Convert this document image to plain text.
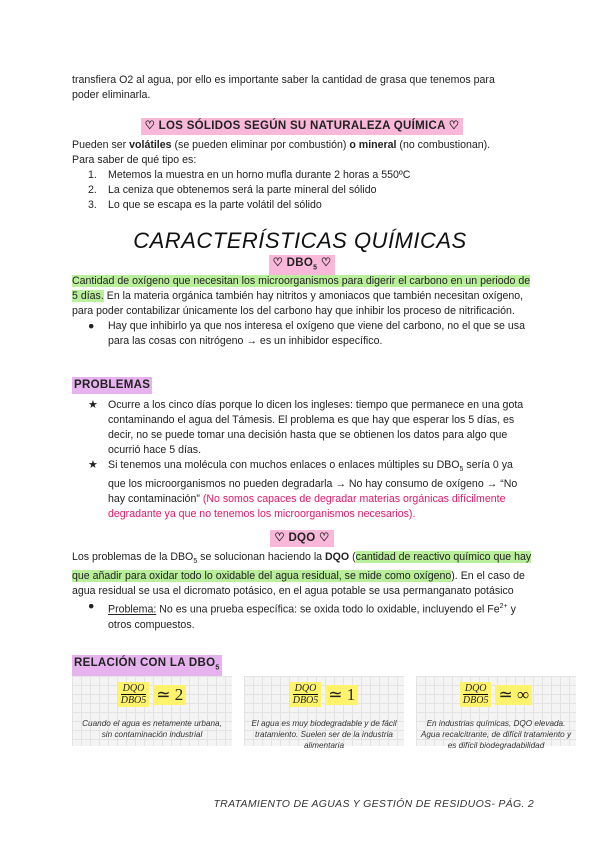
transfiera O2 al agua, por ello es importante saber la cantidad de grasa que tenemos para
poder eliminarla.
♡ LOS SÓLIDOS SEGÚN SU NATURALEZA QUÍMICA ♡
Pueden ser volátiles (se pueden eliminar por combustión) o mineral (no combustionan).
Para saber de qué tipo es:
1. Metemos la muestra en un horno mufla durante 2 horas a 550ºC
2. La ceniza que obtenemos será la parte mineral del sólido
3. Lo que se escapa es la parte volátil del sólido
CARACTERÍSTICAS QUÍMICAS
♡ $DBO_5$ ♡
Cantidad de oxígeno que necesitan los microorganismos para digerir el carbono en un periodo de 5 días. En la materia orgánica también hay nitritos y amoniacos que también necesitan oxígeno, para poder contabilizar únicamente los del carbono hay que inhibir los proceso de nitrificación.
● Hay que inhibirlo ya que nos interesa el oxígeno que viene del carbono, no el que se usa para las cosas con nitrógeno → es un inhibidor específico.
PROBLEMAS
★ Ocurre a los cinco días porque lo dicen los ingleses: tiempo que permanece en una gota contaminando el agua del Támesis. El problema es que hay que esperar los 5 días, es decir, no se puede tomar una decisión hasta que se obtienen los datos para algo que ocurrió hace 5 días.
★ Si tenemos una molécula con muchos enlaces o enlaces múltiples su $DBO_5$ sería 0 ya que los microorganismos no pueden degradarla → No hay consumo de oxígeno → “No hay contaminación” (No somos capaces de degradar materias orgánicas difícilmente degradante ya que no tenemos los microorganismos necesarios).
♡ DQO ♡
Los problemas de la $DBO_5$ se solucionan haciendo la DQO (cantidad de reactivo químico que hay que añadir para oxidar todo lo oxidable del agua residual, se mide como oxígeno). En el caso de agua residual se usa el dicromato potásico, en el agua potable se usa permanganato potásico
● Problema: No es una prueba específica: se oxida todo lo oxidable, incluyendo el $Fe^{2+}$ y otros compuestos.
RELACIÓN CON LA $DBO_5$
$\frac{\text{DQO}}{\text{DBO5}}$ ≃ 2
Cuando el agua es netamente urbana, sin contaminación industrial
$\frac{\text{DQO}}{\text{DBO5}}$ ≃ 1
El agua es muy biodegradable y de fácil tratamiento. Suelen ser de la industria alimentaria
$\frac{\text{DQO}}{\text{DBO5}}$ ≃ ∞
En industrias químicas, DQO elevada. Agua recalcitrante, de difícil tratamiento y es difícil biodegradabilidad
TRATAMIENTO DE AGUAS Y GESTIÓN DE RESIDUOS- PÁG. 2
